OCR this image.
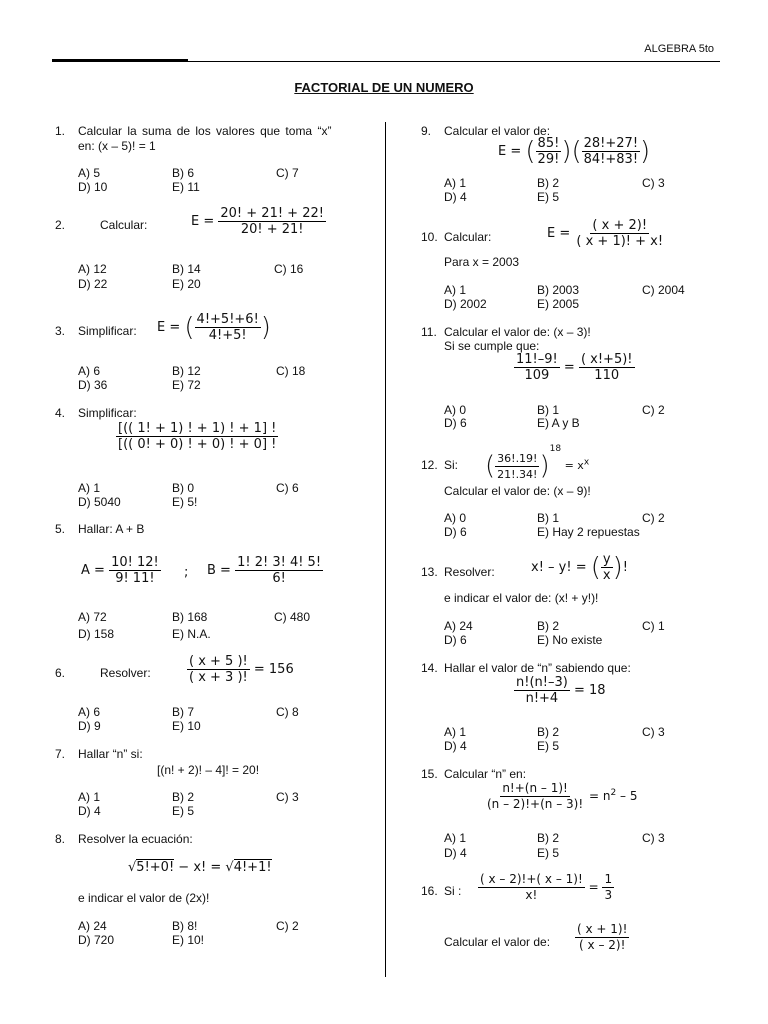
ALGEBRA 5to
FACTORIAL DE UN NUMERO
1. Calcular la suma de los valores que toma “x”
en: (x – 5)! = 1
A) 5	B) 6	C) 7
D) 10	E) 11
2.	Calcular:	$E = \frac{20! + 21! + 22!}{20! + 21!}$
A) 12	B) 14	C) 16
D) 22	E) 20
3. Simplificar: E = ( $\frac{4!+5!+6!}{4!+5!}$ )
A) 6	B) 12	C) 18
D) 36	E) 72
4. Simplificar:
$\frac{[(( 1! + 1) ! + 1) ! + 1] !}{[(( 0! + 0) ! + 0) ! + 0] !}$
A) 1	B) 0	C) 6
D) 5040	E) 5!
5. Hallar: A + B
$A = \frac{10! 12!}{9! 11!}$ ; $B = \frac{1! 2! 3! 4! 5!}{6!}$
A) 72	B) 168	C) 480
D) 158	E) N.A.
6.	Resolver:	$\frac{( x + 5 )!}{( x + 3 )!} = 156$
A) 6	B) 7	C) 8
D) 9	E) 10
7. Hallar “n” si:
[(n! + 2)! – 4]! = 20!
A) 1	B) 2	C) 3
D) 4	E) 5
8. Resolver la ecuación:
√5!+0! − x! = √4!+1!
e indicar el valor de (2x)!
A) 24	B) 8!	C) 2
D) 720	E) 10!
9. Calcular el valor de:
E = ( $\frac{85!}{29!}$ )( $\frac{28!+27!}{84!+83!}$ )
A) 1	B) 2	C) 3
D) 4	E) 5
10. Calcular:	$E = \frac{( x + 2)!}{( x + 1)! + x!}$
Para x = 2003
A) 1	B) 2003	C) 2004
D) 2002	E) 2005
11. Calcular el valor de: (x – 3)!
Si se cumple que:
$\frac{11!-9!}{109} = \frac{( x!+5)!}{110}$
A) 0	B) 1	C) 2
D) 6	E) A y B
12. Si: ( $\frac{36!.19!}{21!.34!} )^{18} = x^x$
Calcular el valor de: (x – 9)!
A) 0	B) 1	C) 2
D) 6	E) Hay 2 repuestas
13. Resolver:	x! – y! = ( $\frac{y}{x}$ )!
e indicar el valor de: (x! + y!)!
A) 24	B) 2	C) 1
D) 6	E) No existe
14. Hallar el valor de “n” sabiendo que:
$\frac{n!(n!-3)}{n!+4} = 18$
A) 1	B) 2	C) 3
D) 4	E) 5
15. Calcular “n” en:
$\frac{n!+(n - 1)!}{(n - 2)!+(n - 3)!} = n^2 - 5$
A) 1	B) 2	C) 3
D) 4	E) 5
16. Si : $\frac{( x - 2)!+( x - 1)!}{x!} = \frac{1}{3}$
Calcular el valor de: $\frac{( x + 1)!}{( x - 2)!}$
